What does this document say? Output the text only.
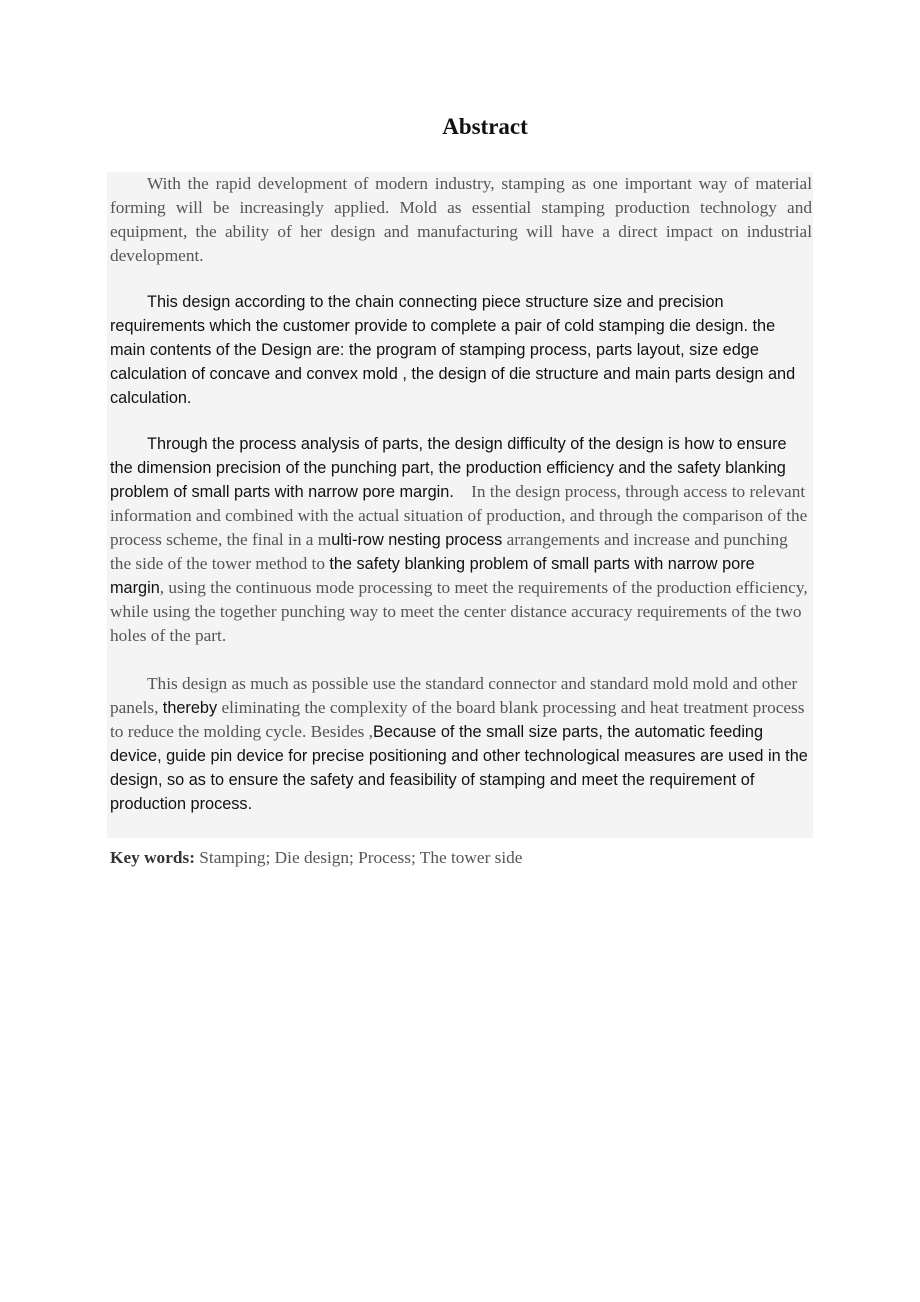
Abstract

With the rapid development of modern industry, stamping as one important way of material forming will be increasingly applied. Mold as essential stamping production technology and equipment, the ability of her design and manufacturing will have a direct impact on industrial development.

This design according to the chain connecting piece structure size and precision requirements which the customer provide to complete a pair of cold stamping die design. the main contents of the Design are: the program of stamping process, parts layout, size edge calculation of concave and convex mold , the design of die structure and main parts design and calculation.

Through the process analysis of parts, the design difficulty of the design is how to ensure the dimension precision of the punching part, the production efficiency and the safety blanking problem of small parts with narrow pore margin. In the design process, through access to relevant information and combined with the actual situation of production, and through the comparison of the process scheme, the final in a multi-row nesting process arrangements and increase and punching the side of the tower method to the safety blanking problem of small parts with narrow pore margin, using the continuous mode processing to meet the requirements of the production efficiency, while using the together punching way to meet the center distance accuracy requirements of the two holes of the part.

This design as much as possible use the standard connector and standard mold mold and other panels, thereby eliminating the complexity of the board blank processing and heat treatment process to reduce the molding cycle. Besides ,Because of the small size parts, the automatic feeding device, guide pin device for precise positioning and other technological measures are used in the design, so as to ensure the safety and feasibility of stamping and meet the requirement of production process.

Key words: Stamping; Die design; Process; The tower side
